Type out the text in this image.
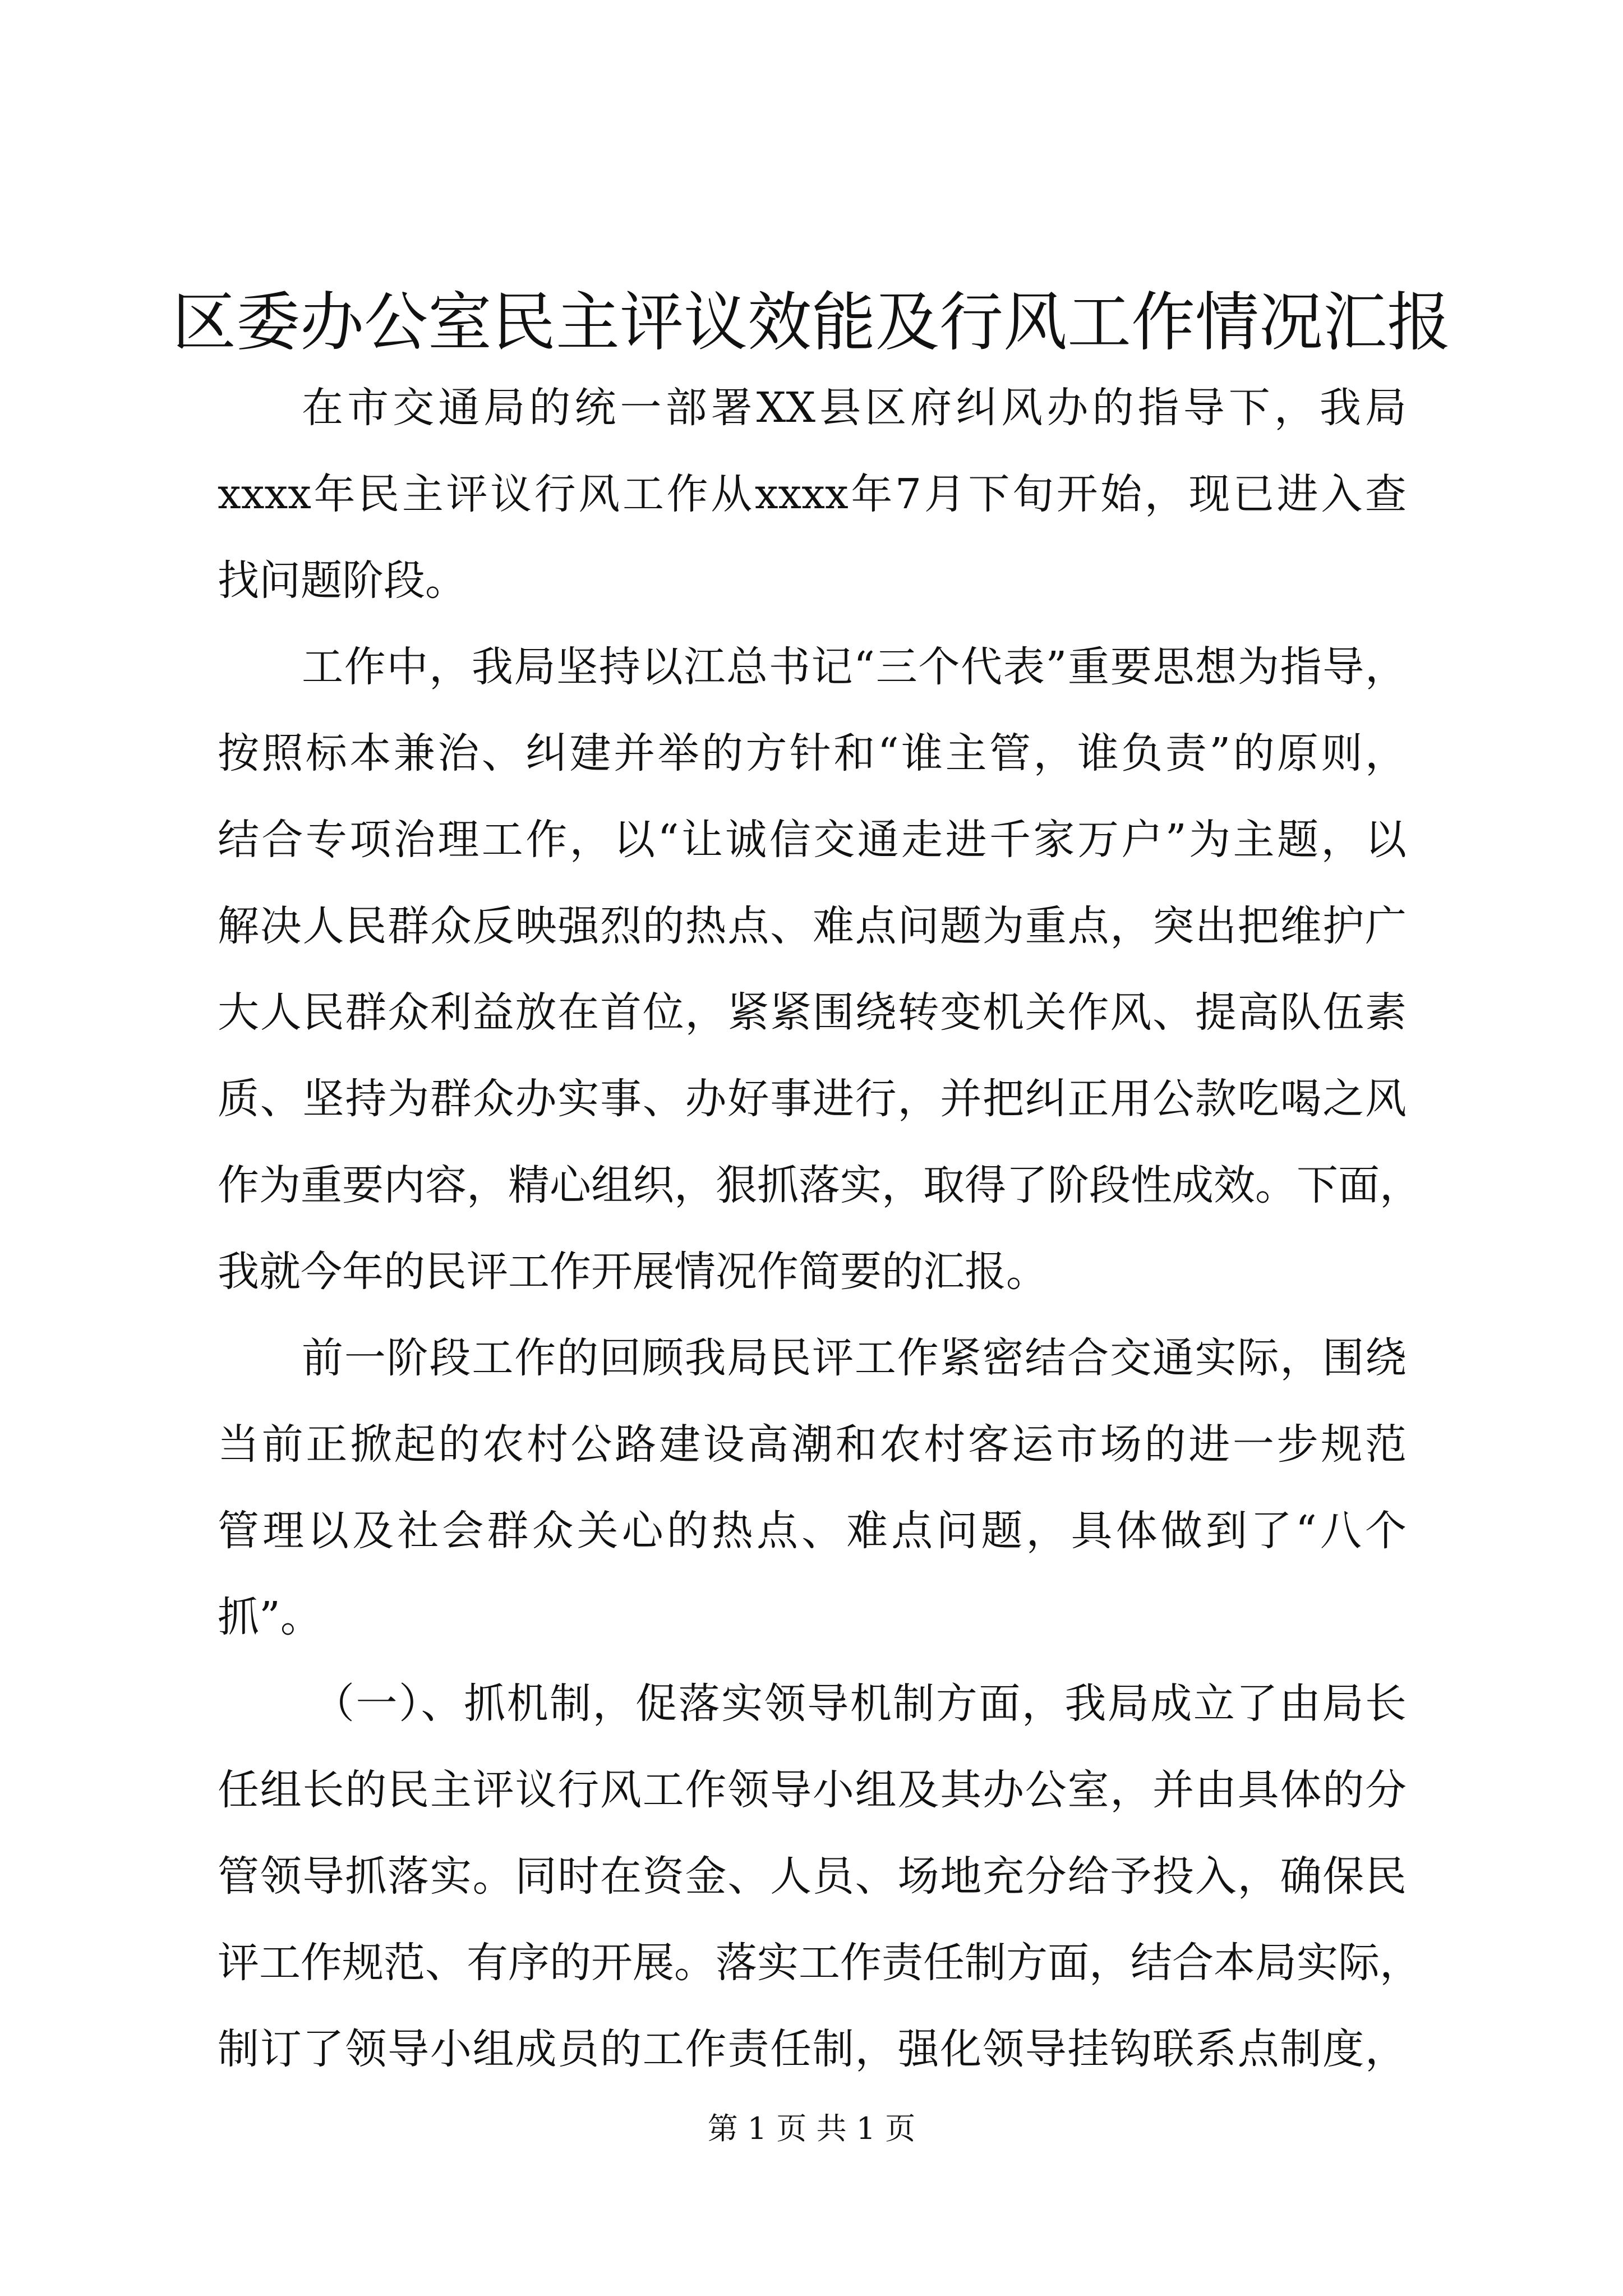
区委办公室民主评议效能及行风工作情况汇报
在市交通局的统一部署XX县区府纠风办的指导下，我局
xxxx年民主评议行风工作从xxxx年7月下旬开始，现已进入查
找问题阶段。
工作中，我局坚持以江总书记“三个代表”重要思想为指导，
按照标本兼治、纠建并举的方针和“谁主管，谁负责”的原则，
结合专项治理工作，以“让诚信交通走进千家万户”为主题，以
解决人民群众反映强烈的热点、难点问题为重点，突出把维护广
大人民群众利益放在首位，紧紧围绕转变机关作风、提高队伍素
质、坚持为群众办实事、办好事进行，并把纠正用公款吃喝之风
作为重要内容，精心组织，狠抓落实，取得了阶段性成效。下面，
我就今年的民评工作开展情况作简要的汇报。
前一阶段工作的回顾我局民评工作紧密结合交通实际，围绕
当前正掀起的农村公路建设高潮和农村客运市场的进一步规范
管理以及社会群众关心的热点、难点问题，具体做到了“八个
抓”。
（一）、抓机制，促落实领导机制方面，我局成立了由局长
任组长的民主评议行风工作领导小组及其办公室，并由具体的分
管领导抓落实。同时在资金、人员、场地充分给予投入，确保民
评工作规范、有序的开展。落实工作责任制方面，结合本局实际，
制订了领导小组成员的工作责任制，强化领导挂钩联系点制度，
第 1 页 共 1 页
